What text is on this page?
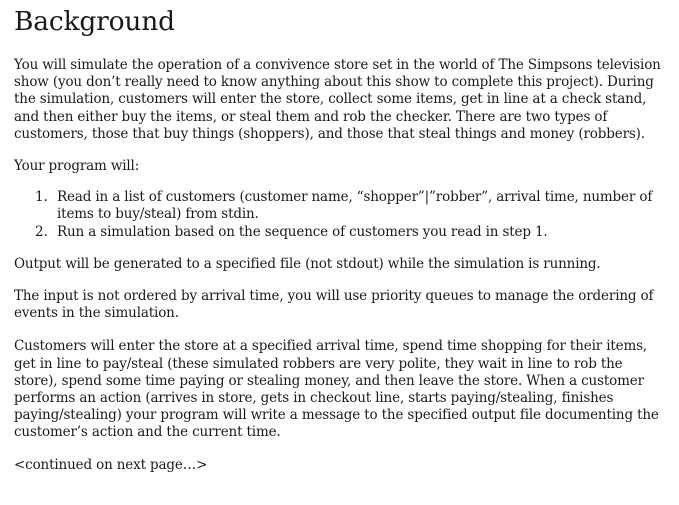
Background

You will simulate the operation of a convivence store set in the world of The Simpsons television show (you don’t really need to know anything about this show to complete this project). During the simulation, customers will enter the store, collect some items, get in line at a check stand, and then either buy the items, or steal them and rob the checker. There are two types of customers, those that buy things (shoppers), and those that steal things and money (robbers).

Your program will:

1. Read in a list of customers (customer name, “shopper”|”robber”, arrival time, number of items to buy/steal) from stdin.
2. Run a simulation based on the sequence of customers you read in step 1.

Output will be generated to a specified file (not stdout) while the simulation is running.

The input is not ordered by arrival time, you will use priority queues to manage the ordering of events in the simulation.

Customers will enter the store at a specified arrival time, spend time shopping for their items, get in line to pay/steal (these simulated robbers are very polite, they wait in line to rob the store), spend some time paying or stealing money, and then leave the store. When a customer performs an action (arrives in store, gets in checkout line, starts paying/stealing, finishes paying/stealing) your program will write a message to the specified output file documenting the customer’s action and the current time.

<continued on next page…>
